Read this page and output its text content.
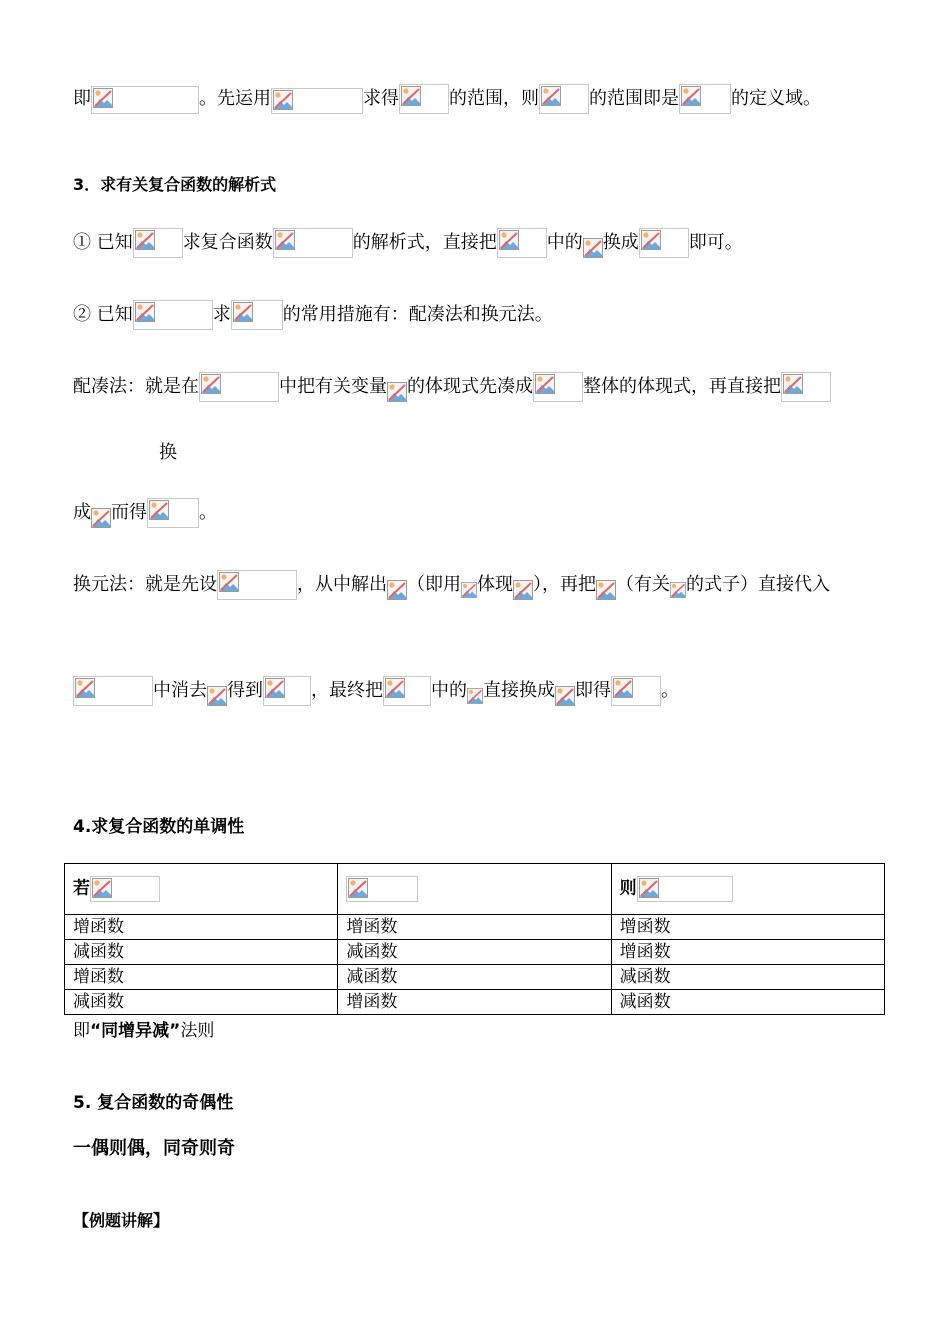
即	。先运用	求得	的范围，则	的范围即是	的定义域。
3．求有关复合函数的解析式
① 已知	求复合函数	的解析式，直接把	中的 换成	即可。
② 已知	求	的常用措施有：配凑法和换元法。
配凑法：就是在	中把有关变量 的体现式先凑成	整体的体现式，再直接把
换
成 而得	。
换元法：就是先设	，从中解出 （即用 体现 ），再把 （有关 的式子）直接代入
中消去 得到	，最终把	中的 直接换成 即得	。
4.求复合函数的单调性
若		则

增函数	增函数	增函数
减函数	减函数	增函数
增函数	减函数	减函数
减函数	增函数	减函数
即“同增异减”法则
5. 复合函数的奇偶性
一偶则偶，同奇则奇
【例题讲解】
